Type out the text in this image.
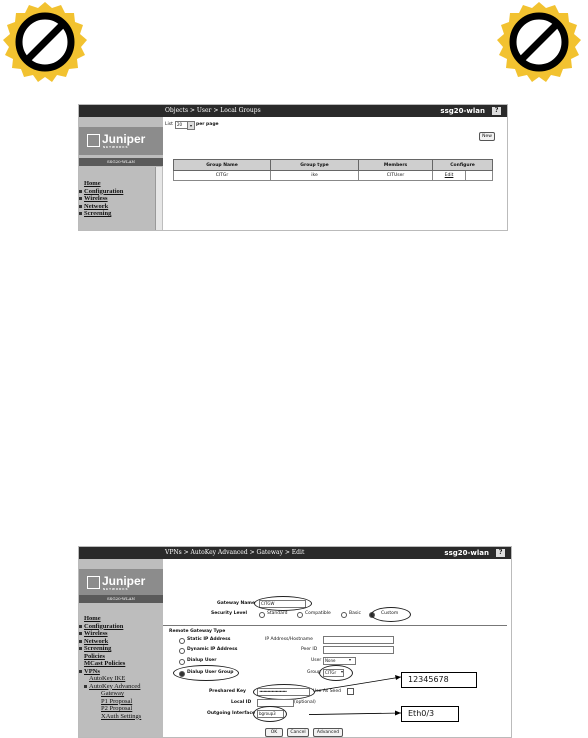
Objects > User > Local Groups	ssg20-wlan	?
Juniper
NETWORKS
SSG20-WLAN
Home
Configuration
Wireless
Network
Screening
List	20	▾ per page
New
Group Name	Group type	Members	Configure	
CITGr	ike	CITUser	Edit	
VPNs > AutoKey Advanced > Gateway > Edit	ssg20-wlan	?
Juniper
NETWORKS
SSG20-WLAN
Home
Configuration
Wireless
Network
Screening
Policies
MCast Policies
VPNs
AutoKey IKE
AutoKey Advanced
Gateway
P1 Proposal
P2 Proposal
XAuth Settings
Gateway Name	CITGW
Security Level	Standard	Compatible	Basic	Custom
Remote Gateway Type
Static IP Address	IP Address/Hostname
Dynamic IP Address	Peer ID
Dialup User	User None	▾
Dialup User Group	Group	CITGr	▾
Preshared Key	••••••••••••••••••••	Use As Seed
Local ID	(optional)
Outgoing Interface bgroup3
12345678
Eth0/3
OK	Cancel	Advanced
